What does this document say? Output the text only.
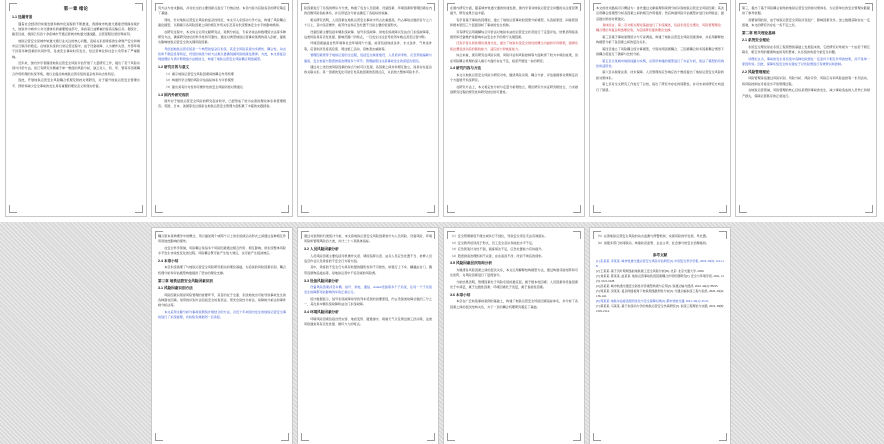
第一章 绪论
1.1 选题背景

随着社会经济的快速发展和城市化进程的不断推进，我国城市轨道交通建设规模持续扩大，地铁作为城市公共交通体系的重要组成部分，承担着日益繁重的客流运输任务。据统计，截至目前，我国已有四十余座城市开通运营城市轨道交通线路，运营里程位居世界前列。

地铁运营安全是城市轨道交通行业关注的核心问题，直接关系到乘客的生命财产安全和城市运行秩序的稳定。在地铁系统的日常运营过程中，由于设备故障、人为操作失误、外部环境干扰等多种因素的共同作用，各类安全事故时有发生，给运营单位和社会公众带来了严重影响。

近年来，国内外学者围绕地铁运营安全风险评估开展了大量研究工作，提出了若干风险识别与评价方法。但已有研究多侧重于单一维度的风险分析，缺乏对人、机、环、管等多因素耦合作用机理的系统考察，难以全面反映地铁运营系统的复杂性和动态性特征。

因此，开展地铁运营安全风险耦合机理及防控对策研究，对于提升地铁运营安全管理水平、预防和减少安全事故的发生具有重要的理论意义和现实价值。

究方法与技术路线，并对论文的主要创新点进行了归纳总结。本章内容为后续各章的研究奠定了基础。

同时，针对地铁运营安全风险的复杂性特征，本文引入系统动力学方法，构建了风险耦合演化模型，以期揭示各风险因素之间的相互作用关系及其对系统整体安全水平的影响机制。

在研究过程中，本文综合运用文献研究法、案例分析法、专家访谈法和数理统计法等多种研究方法，确保研究结论的科学性和可靠性。通过对典型地铁运营事故案例的深入剖析，提炼出影响地铁运营安全的关键风险因素。

考虑到地铁运营系统是一个典型的复杂巨系统，其安全风险呈现出多源性、耦合性、动态性和不确定性等特征，传统的线性分析方法难以准确刻画风险的演化规律。为此，本文将复杂网络理论与贝叶斯网络方法相结合，构建了地铁运营安全风险耦合网络模型。

1.2 研究目的与意义

（1）揭示地铁运营安全风险因素间的耦合作用机理

（2）构建科学合理的风险评估指标体系与评价模型

（3）提出具有针对性和可操作性的安全风险防控对策建议

1.3 国内外研究现状

国外对于地铁运营安全风险的研究起步较早，已经形成了较为完善的理论体系和管理规范。英国、日本、美国等发达国家在地铁运营安全管理方面积累了丰富的实践经验。

险因素进行了系统的辨识与分类，构建了包含人员因素、设备因素、环境因素和管理因素在内的四维风险指标体系，并运用层次分析法确定了各指标的权重。

相关研究表明，人员因素在地铁运营安全事故中所占比重最高，约占事故总数的百分之六十以上，其中违章操作、疲劳作业和应急处置不当是主要的表现形式。

设备因素主要包括车辆系统故障、信号系统故障、供电系统故障以及站台门系统故障等，这类风险具有突发性强、影响范围广的特点，一旦发生往往会导致列车晚点甚至运营中断。

环境因素涵盖自然环境和社会环境两个方面，前者包括地质条件、水文条件、气象条件等，后者则涉及客流密度、周边施工活动、恐怖袭击威胁等。

管理因素贯穿于地铁运营的全过程，包括安全制度建设、人员培训考核、应急预案编制与演练、安全检查与隐患排查治理等多个环节。管理缺陷往往是事故发生的深层次原因。

通过对上述四类风险因素的综合分析可以发现，各因素之间并非相互独立，而是存在复杂的关联关系，某一因素的变化可能引发其他因素的连锁反应，从而放大整体风险水平。

在国内研究方面，随着城市轨道交通的快速发展，国内学者对地铁运营安全问题的关注度显著提升，研究成果日益丰富。

有学者基于事故致因理论，建立了地铁运营事故的因果分析模型，从直接原因、间接原因和根本原因三个层面剖析了事故的发生机制。

另有研究运用模糊综合评价法对地铁车站的运营安全状况进行了定量评估，结果表明客流组织和设备维护是影响车站安全水平的两个关键因素。

还有学者从韧性理论视角出发，提出了地铁系统安全韧性的概念内涵和评价框架，强调系统在遭受扰动后的吸收能力、适应能力和恢复能力。

综合来看，现有研究在风险识别、风险评估和风险控制等方面取得了较为丰硕的成果，但在风险耦合机理的深入揭示方面仍存在不足，亟需开展进一步的研究。

1.4 研究内容与方法

本文以地铁运营安全风险为研究对象，围绕风险识别、耦合分析、评估建模和对策制定四个方面展开系统研究。

在研究方法上，本文将定性分析与定量分析相结合，理论研究与实证研究相结合，力求做到研究过程的规范性和研究结论的可靠性。

本文的技术路线可以概括为：首先通过文献梳理和案例分析识别地铁运营安全风险因素；其次运用耦合度模型分析各因素之间的相互作用强度；然后构建风险评估模型并进行实例验证；最后提出防控对策建议。

具体而言，第二章对相关理论基础进行了系统阐述，包括系统安全理论、风险管理理论、耦合理论和复杂网络理论等，为后续研究提供理论支撑。

第三章基于事故案例统计与专家调查，构建了地铁运营安全风险因素清单，并采用解释结构模型分析了各因素之间的层次关系。

第四章建立了风险耦合度计算模型，分别对两因素耦合、三因素耦合和多因素耦合情形下的耦合度进行了测算与比较分析。

第五章以某城市地铁线路为实例，运用所构建的模型进行了实证分析，验证了模型的有效性和适用性。

第六章从制度完善、技术保障、人员管理和应急响应四个维度提出了地铁运营安全风险防控对策体系。

第七章对全文研究工作进行了总结，指出了研究中存在的局限性，并对未来的研究方向进行了展望。

第三，提出了基于风险耦合视角的地铁运营安全防控对策体系，为运营单位的安全管理实践提供了参考依据。

需要说明的是，由于地铁运营安全风险涉及面广、影响因素众多，加之数据获取存在一定困难，本文的研究仍存在一些不足之处。

第二章 相关理论基础
2.1 系统安全理论

系统安全理论是在系统工程思想的基础上发展起来的，它把研究对象视为一个由若干相互联系、相互作用的要素构成的有机整体，从系统的角度分析安全问题。

该理论认为，事故的发生是系统中各种危险源在一定条件下相互作用的结果，而不是单一原因所致。因此，保障系统安全的关键在于对危险源进行有效辨识和控制。

2.2 风险管理理论

风险管理是指通过风险识别、风险分析、风险评价、风险应对和风险监控等一系列活动，将风险控制在可接受水平的管理过程。

在地铁运营领域，风险管理的核心目标是预防事故的发生，减少事故造成的人员伤亡和财产损失，保障运营秩序的正常进行。

耦合原本是物理学中的概念，用以描述两个或两个以上的系统或运动形式之间通过各种相互作用而彼此影响的现象。

在安全科学领域，风险耦合是指多个风险因素通过相互作用、相互影响，使系统整体风险水平发生非线性变化的过程。风险耦合既可能产生放大效应，也可能产生抵消效应。

2.4 本章小结

本章系统梳理了与地铁运营安全风险研究相关的理论基础，为后续的风险因素识别、耦合机理分析和评估模型构建提供了坚实的理论支撑。

第三章 地铁运营安全风险因素识别
3.1 风险因素识别方法

风险因素识别是风险管理的首要环节，其目的在于全面、系统地找出可能导致事故发生的各种潜在因素。常用的识别方法包括安全检查表法、预先危险性分析法、故障树分析法和事件树分析法等。

本文采用文献分析与事故案例统计相结合的方法，对近十年来国内发生的地铁运营安全事故进行了系统梳理，共收集有效案例一百余起。

通过对案例的归类统计分析，本文将地铁运营安全风险因素划分为人员风险、设备风险、环境风险和管理风险四大类，共计二十八项具体指标。

3.2 人员风险因素分析

人员风险因素主要包括司机操作失误、调度指挥失误、站务人员应急处置不当、检修人员违章作业以及乘客的不安全行为等方面。

其中，乘客的不安全行为具有较强的随机性和不可控性，如强行上下车、翻越站台门、携带违禁物品进站等，是地铁运营中不容忽视的风险源。

3.3 设备风险因素分析

设备风险因素涉及车辆、信号、供电、通信、station设备等多个子系统，任何一个子系统发生故障都可能影响列车的正常运行。

统计数据显示，信号系统故障是导致列车延误的首要原因，约占设备类故障总数的三分之一，其次是车辆系统故障和站台门系统故障。

3.4 环境风险因素分析

环境风险因素包括自然灾害、地质变形、隧道渗水、极端天气以及周边施工扰动等，这类风险通常具有突发性强、破坏力大的特点。

（1）安全管理制度不健全或执行不到位，导致安全责任无法有效落实。

（2）安全教育培训流于形式，员工安全意识和技能水平不足。

（3）应急预案针对性不强，演练频次不足，应急处置能力有待提升。

（4）隐患排查治理机制不完善，存在查而不改、改而不彻底的现象。

3.5 风险因素层次结构分析

为厘清各风险因素之间的层次关系，本文运用解释结构模型方法，通过构建邻接矩阵和可达矩阵，对风险因素进行了层级划分。

分析结果表明，管理因素处于风险系统的最底层，属于根本性因素；人员因素和设备因素处于中间层，属于过渡性因素；环境因素处于表层，属于直接性因素。

3.6 本章小结

本章在广泛收集事故案例的基础上，构建了地铁运营安全风险因素指标体系，并分析了各因素之间的层次结构关系，为下一章的耦合机理研究奠定了基础。

（5）完善地铁运营安全风险的动态监测与预警机制，实现风险的早发现、早处置。

（6）加强多部门协同联动，构建政府监管、企业主责、社会参与的安全治理格局。

参考文献

[1] 张某某, 李某某. 城市轨道交通运营安全风险评估研究[J]. 中国安全科学学报, 2019, 29(5): 112-118.

[2] 王某某. 基于贝叶斯网络的地铁施工安全风险分析[D]. 北京: 北京交通大学, 2020.

[3] 刘某某, 陈某某, 赵某某. 地铁运营事故致因因素耦合作用机理研究[J]. 安全与环境学报, 2021, 21(3): 1021-1028.

[4] 孙某某. 城市轨道交通安全韧性评价模型构建与应用[J]. 铁道运输与经济, 2022, 44(2): 88-95.

[5] 周某某, 吴某某. 复杂网络视角下地铁网络脆弱性分析[J]. 交通运输系统工程与信息, 2020, 20(4): 136-142.

[6] 郑某某. 地铁车站客流组织优化与安全保障对策[J]. 都市快轨交通, 2021, 34(1): 45-51.

[7] 黄某某, 马某某. 基于系统动力学的地铁运营安全仿真研究[J]. 系统工程理论与实践, 2019, 39(8): 2105-2114.
